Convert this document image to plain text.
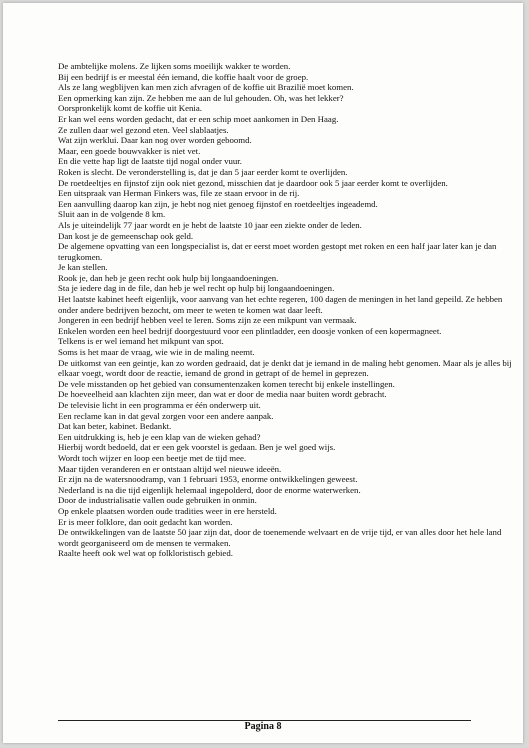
De ambtelijke molens. Ze lijken soms moeilijk wakker te worden.

Bij een bedrijf is er meestal één iemand, die koffie haalt voor de groep.

Als ze lang wegblijven kan men zich afvragen of de koffie uit Brazilië moet komen.

Een opmerking kan zijn. Ze hebben me aan de lul gehouden. Oh, was het lekker?

Oorspronkelijk komt de koffie uit Kenia.

Er kan wel eens worden gedacht, dat er een schip moet aankomen in Den Haag.

Ze zullen daar wel gezond eten. Veel slablaatjes.

Wat zijn werklui. Daar kan nog over worden geboomd.

Maar, een goede bouwvakker is niet vet.

En die vette hap ligt de laatste tijd nogal onder vuur.

Roken is slecht. De veronderstelling is, dat je dan 5 jaar eerder komt te overlijden.

De roetdeeltjes en fijnstof zijn ook niet gezond, misschien dat je daardoor ook 5 jaar eerder komt te overlijden.

Een uitspraak van Herman Finkers was, file ze staan ervoor in de rij.

Een aanvulling daarop kan zijn, je hebt nog niet genoeg fijnstof en roetdeeltjes ingeademd.

Sluit aan in de volgende 8 km.

Als je uiteindelijk 77 jaar wordt en je hebt de laatste 10 jaar een ziekte onder de leden.

Dan kost je de gemeenschap ook geld.

De algemene opvatting van een longspecialist is, dat er eerst moet worden gestopt met roken en een half jaar later kan je dan terugkomen.

Je kan stellen.

Rook je, dan heb je geen recht ook hulp bij longaandoeningen.

Sta je iedere dag in de file, dan heb je wel recht op hulp bij longaandoeningen.

Het laatste kabinet heeft eigenlijk, voor aanvang van het echte regeren, 100 dagen de meningen in het land gepeild. Ze hebben onder andere bedrijven bezocht, om meer te weten te komen wat daar leeft.

Jongeren in een bedrijf hebben veel te leren. Soms zijn ze een mikpunt van vermaak.

Enkelen worden een heel bedrijf doorgestuurd voor een plintladder, een doosje vonken of een kopermagneet.

Telkens is er wel iemand het mikpunt van spot.

Soms is het maar de vraag, wie wie in de maling neemt.

De uitkomst van een geintje, kan zo worden gedraaid, dat je denkt dat je iemand in de maling hebt genomen. Maar als je alles bij elkaar voegt, wordt door de reactie, iemand de grond in getrapt of de hemel in geprezen.

De vele misstanden op het gebied van consumentenzaken komen terecht bij enkele instellingen.

De hoeveelheid aan klachten zijn meer, dan wat er door de media naar buiten wordt gebracht.

De televisie licht in een programma er één onderwerp uit.

Een reclame kan in dat geval zorgen voor een andere aanpak.

Dat kan beter, kabinet. Bedankt.

Een uitdrukking is, heb je een klap van de wieken gehad?

Hierbij wordt bedoeld, dat er een gek voorstel is gedaan. Ben je wel goed wijs.

Wordt toch wijzer en loop een beetje met de tijd mee.

Maar tijden veranderen en er ontstaan altijd wel nieuwe ideeën.

Er zijn na de watersnoodramp, van 1 februari 1953, enorme ontwikkelingen geweest.

Nederland is na die tijd eigenlijk helemaal ingepolderd, door de enorme waterwerken.

Door de industrialisatie vallen oude gebruiken in onmin.

Op enkele plaatsen worden oude tradities weer in ere hersteld.

Er is meer folklore, dan ooit gedacht kan worden.

De ontwikkelingen van de laatste 50 jaar zijn dat, door de toenemende welvaart en de vrije tijd, er van alles door het hele land wordt georganiseerd om de mensen te vermaken.

Raalte heeft ook wel wat op folkloristisch gebied.

Pagina 8
